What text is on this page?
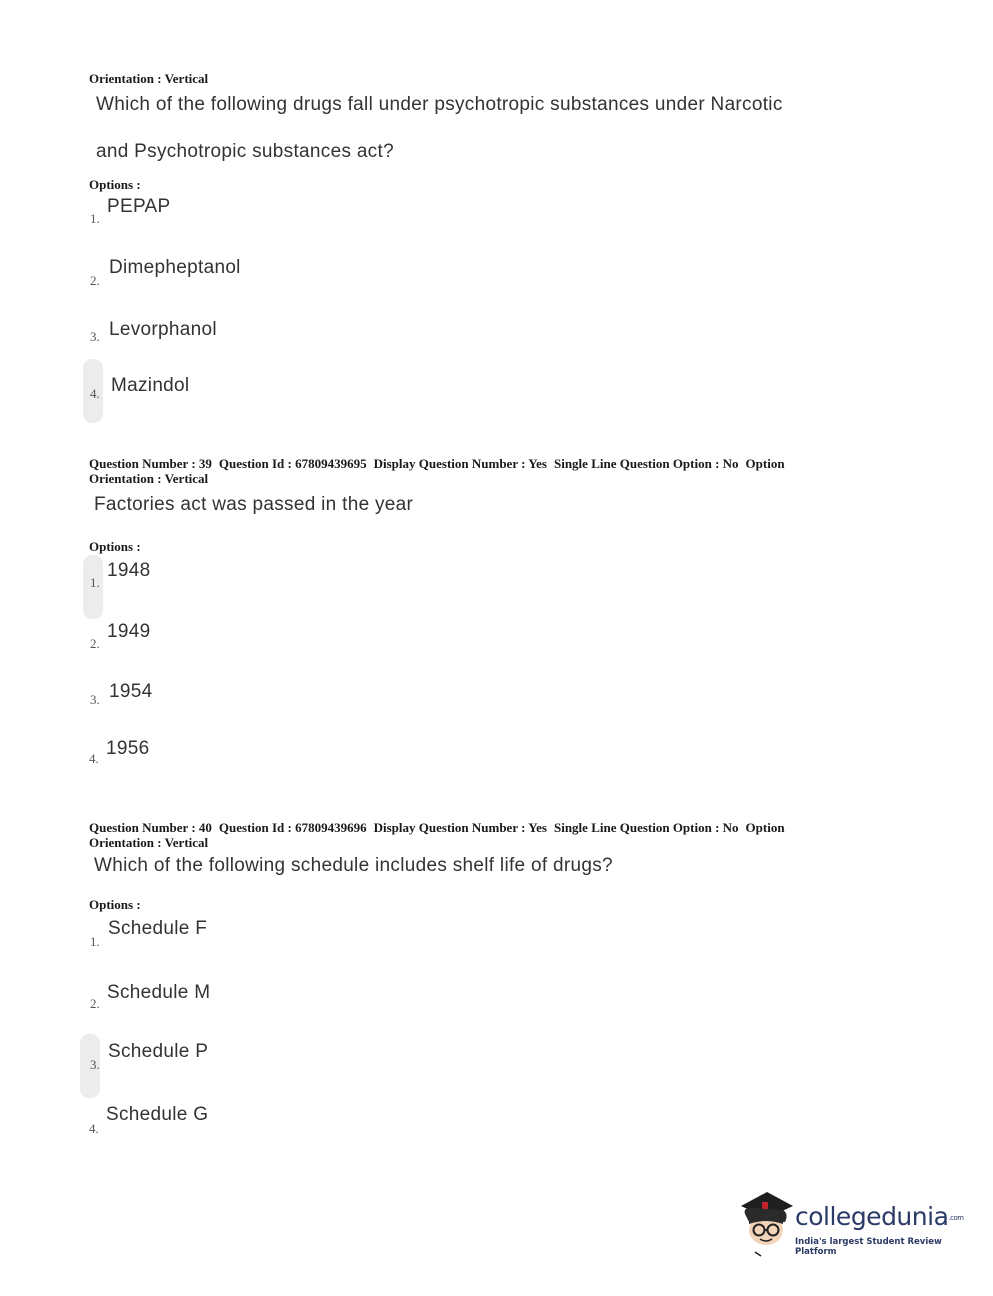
Orientation : Vertical
Which of the following drugs fall under psychotropic substances under Narcotic
and Psychotropic substances act?
Options :
1.
PEPAP
2.
Dimepheptanol
3. Levorphanol
4. Mazindol
Question Number : 39 Question Id : 67809439695 Display Question Number : Yes Single Line Question Option : No Option
Orientation : Vertical
Factories act was passed in the year
Options :
1.
1948
2.
1949
3. 1954
4. 1956
Question Number : 40 Question Id : 67809439696 Display Question Number : Yes Single Line Question Option : No Option
Orientation : Vertical
Which of the following schedule includes shelf life of drugs?
Options :
1.
Schedule F
2.
Schedule M
3.
Schedule P
4.
Schedule G
collegedunia.com
India's largest Student Review Platform
